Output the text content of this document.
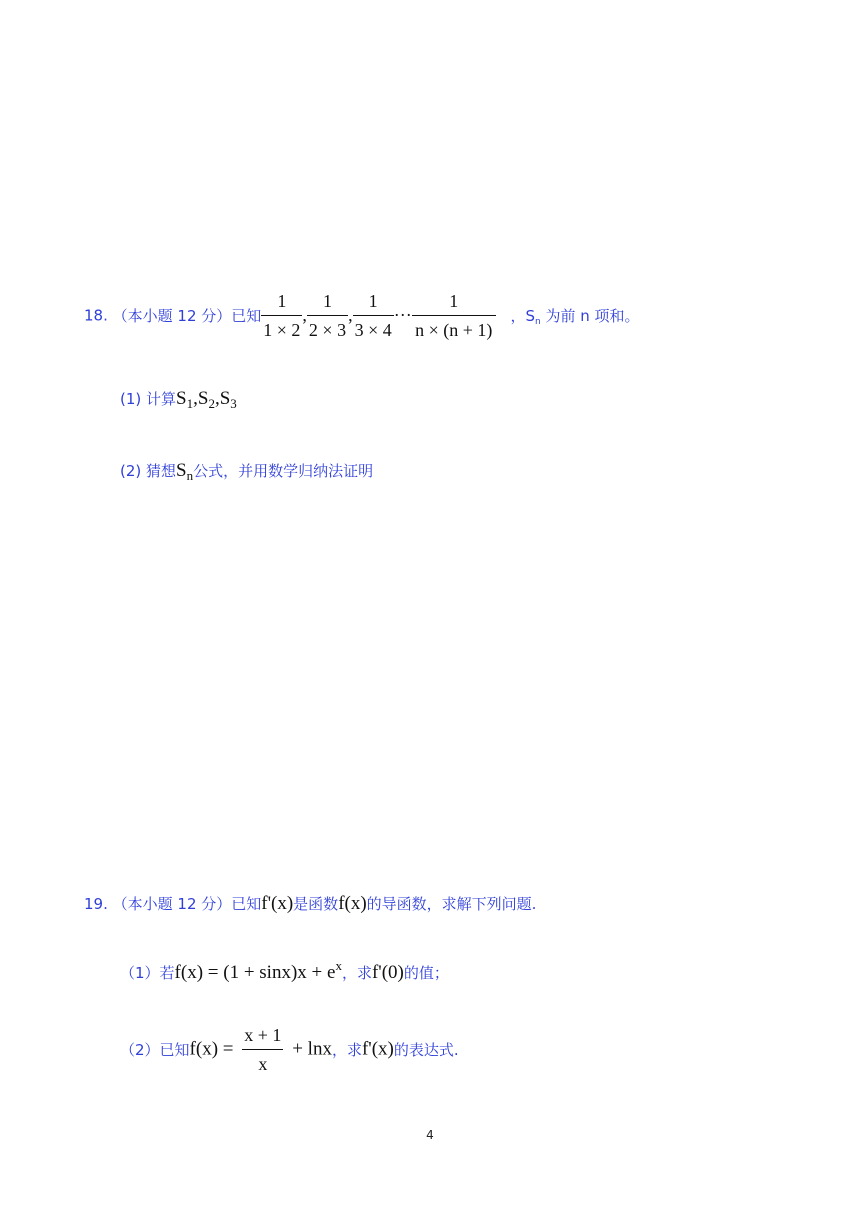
18. （本小题 12 分）已知 $\frac{1}{1 \times 2}$ , $\frac{1}{2 \times 3}$ , $\frac{1}{3 \times 4}$ ··· $\frac{1}{n \times (n + 1)}$ ，$S_n$ 为前 n 项和。
(1) 计算$S_1,S_2,S_3$
(2) 猜想$S_n$公式，并用数学归纳法证明
19. （本小题 12 分）已知f'(x)是函数f(x)的导函数，求解下列问题.
（1）若$f(x) = (1 + \sin x)x + e^x$，求f'(0)的值；
（2）已知$f(x) = \frac{x + 1}{x} + \ln x$，求f'(x)的表达式.
4
